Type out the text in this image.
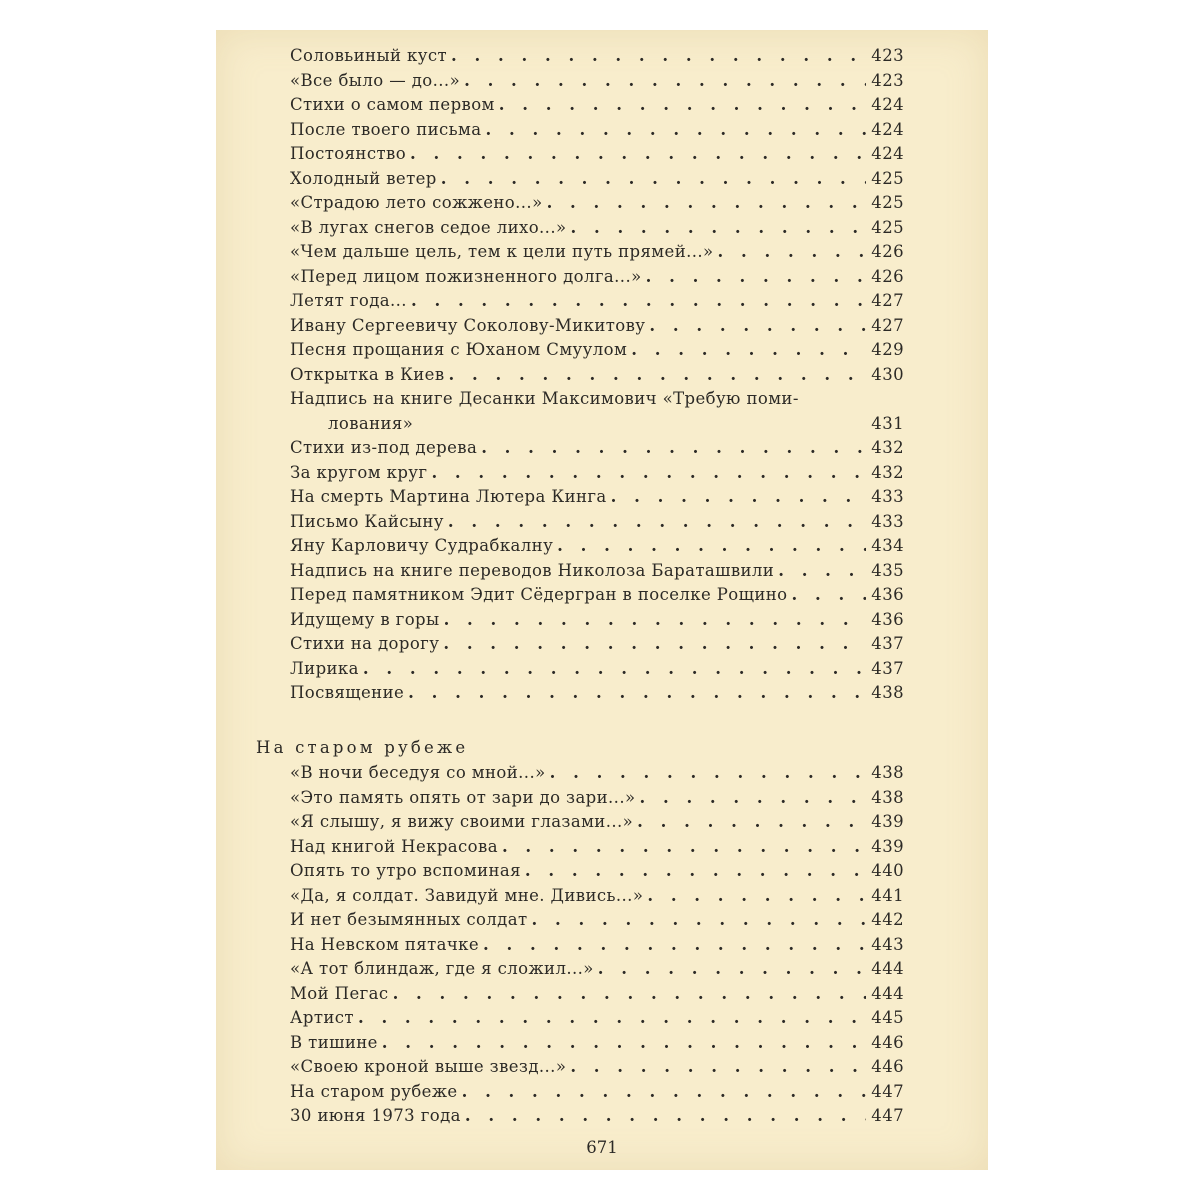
Соловьиный куст . . .	423
«Все было — до...» . . .	423
Стихи о самом первом . . .	424
После твоего письма . . .	424
Постоянство . . .	424
Холодный ветер . . .	425
«Страдою лето сожжено...» . . .	425
«В лугах снегов седое лихо...» . . .	425
«Чем дальше цель, тем к цели путь прямей...» . . .	426
«Перед лицом пожизненного долга...» . . .	426
Летят года... . . .	427
Ивану Сергеевичу Соколову-Микитову . . .	427
Песня прощания с Юханом Смуулом . . .	429
Открытка в Киев . . .	430
Надпись на книге Десанки Максимович «Требую поми-
лования»	431
Стихи из-под дерева . . .	432
За кругом круг . . .	432
На смерть Мартина Лютера Кинга . . .	433
Письмо Кайсыну . . .	433
Яну Карловичу Судрабкалну . . .	434
Надпись на книге переводов Николоза Бараташвили . . .	435
Перед памятником Эдит Сёдергран в поселке Рощино . . .	436
Идущему в горы . . .	436
Стихи на дорогу . . .	437
Лирика . . .	437
Посвящение . . .	438
На старом рубеже
«В ночи беседуя со мной...» . . .	438
«Это память опять от зари до зари...» . . .	438
«Я слышу, я вижу своими глазами...» . . .	439
Над книгой Некрасова . . .	439
Опять то утро вспоминая . . .	440
«Да, я солдат. Завидуй мне. Дивись...» . . .	441
И нет безымянных солдат . . .	442
На Невском пятачке . . .	443
«А тот блиндаж, где я сложил...» . . .	444
Мой Пегас . . .	444
Артист . . .	445
В тишине . . .	446
«Своею кроной выше звезд...» . . .	446
На старом рубеже . . .	447
30 июня 1973 года . . .	447
671
